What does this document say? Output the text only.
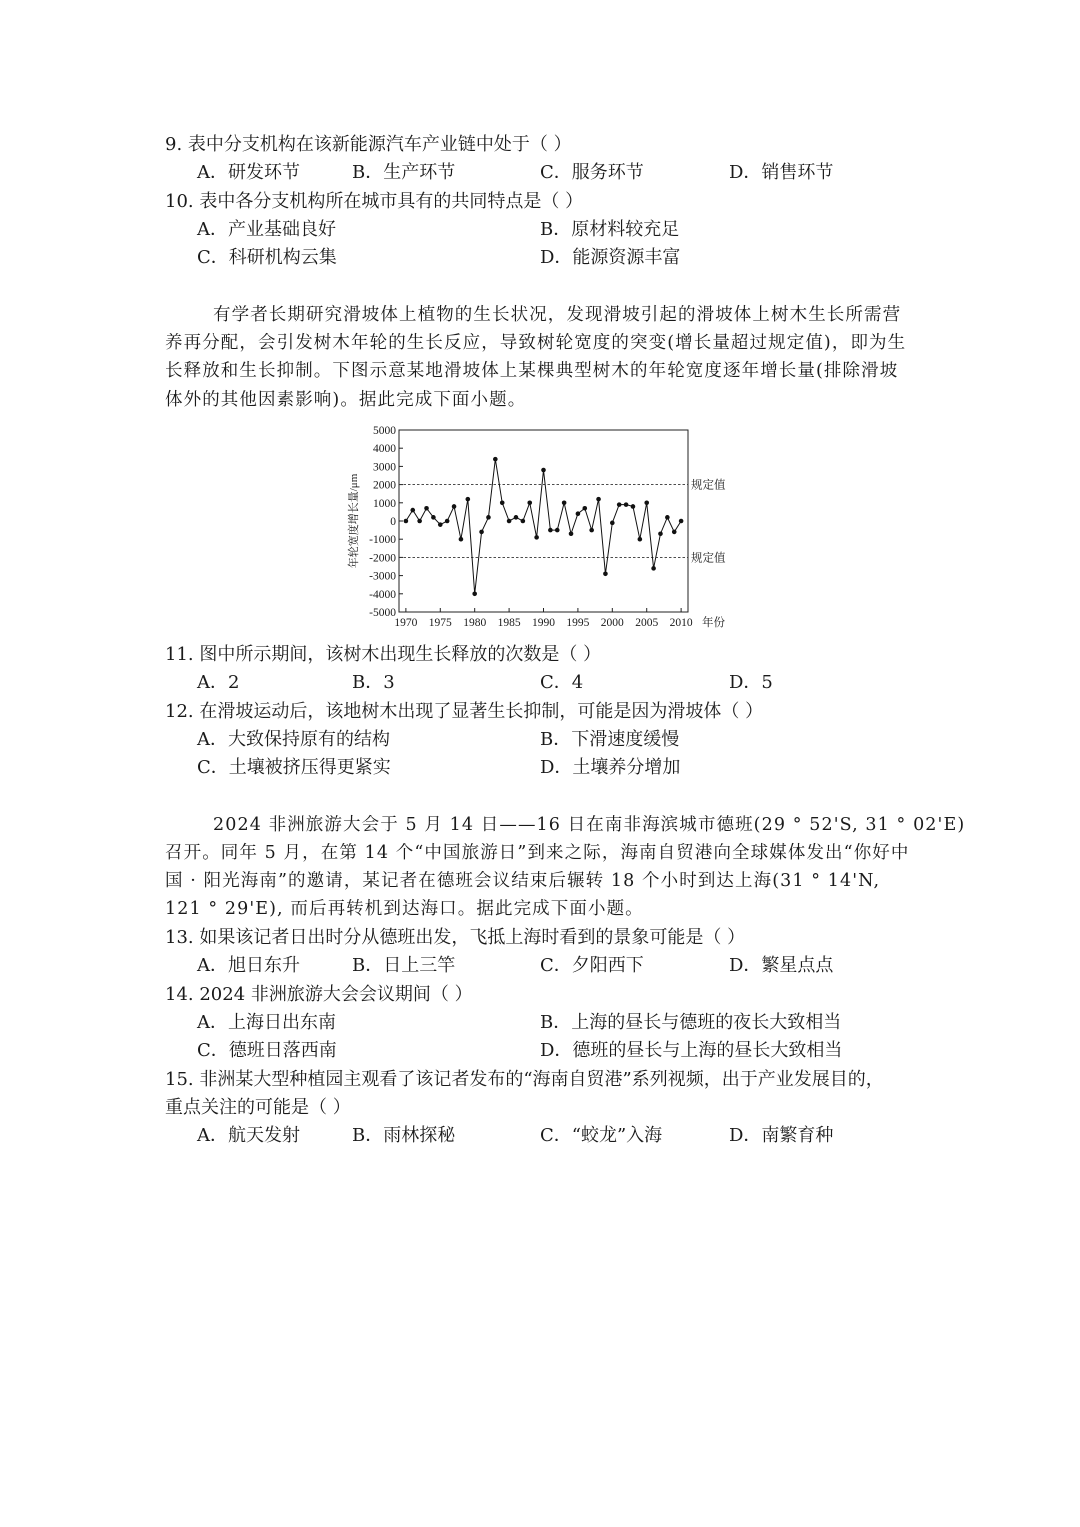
9. 表中分支机构在该新能源汽车产业链中处于（ ）
A．研发环节	B．生产环节	C．服务环节	D．销售环节
10. 表中各分支机构所在城市具有的共同特点是（ ）
A．产业基础良好	B．原材料较充足
C．科研机构云集	D．能源资源丰富
有学者长期研究滑坡体上植物的生长状况，发现滑坡引起的滑坡体上树木生长所需营
养再分配，会引发树木年轮的生长反应，导致树轮宽度的突变(增长量超过规定值)，即为生
长释放和生长抑制。下图示意某地滑坡体上某棵典型树木的年轮宽度逐年增长量(排除滑坡
体外的其他因素影响)。据此完成下面小题。
5000
4000
3000
2000
1000
0
-1000
-2000
-3000
-4000
-5000
1970 1975 1980 1985 1990 1995 2000 2005 2010
规定值
规定值
年份
年轮宽度增长量/μm
11. 图中所示期间，该树木出现生长释放的次数是（ ）
A．2	B．3	C．4	D．5
12. 在滑坡运动后，该地树木出现了显著生长抑制，可能是因为滑坡体（ ）
A．大致保持原有的结构	B．下滑速度缓慢
C．土壤被挤压得更紧实	D．土壤养分增加
2024 非洲旅游大会于 5 月 14 日——16 日在南非海滨城市德班(29 ° 52'S, 31 ° 02'E)
召开。同年 5 月，在第 14 个“中国旅游日”到来之际，海南自贸港向全球媒体发出“你好中
国 · 阳光海南”的邀请，某记者在德班会议结束后辗转 18 个小时到达上海(31 ° 14'N,
121 ° 29'E), 而后再转机到达海口。据此完成下面小题。
13. 如果该记者日出时分从德班出发，飞抵上海时看到的景象可能是（ ）
A．旭日东升	B．日上三竿	C．夕阳西下	D．繁星点点
14. 2024 非洲旅游大会会议期间（ ）
A．上海日出东南	B．上海的昼长与德班的夜长大致相当
C．德班日落西南	D．德班的昼长与上海的昼长大致相当
15. 非洲某大型种植园主观看了该记者发布的“海南自贸港”系列视频，出于产业发展目的，
重点关注的可能是（ ）
A．航天发射	B．雨林探秘	C．“蛟龙”入海	D．南繁育种
